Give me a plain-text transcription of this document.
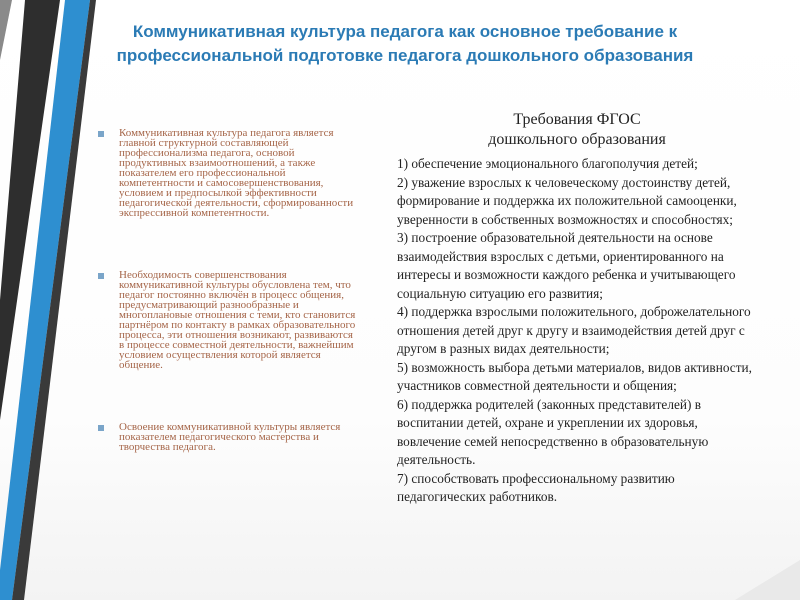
Коммуникативная культура педагога как основное требование к профессиональной подготовке педагога дошкольного образования
Коммуникативная культура педагога является главной структурной составляющей профессионализма педагога, основой продуктивных взаимоотношений, а также показателем его профессиональной компетентности и самосовершенствования, условием и предпосылкой эффективности педагогической деятельности, сформированности экспрессивной компетентности.
Необходимость совершенствования коммуникативной культуры обусловлена тем, что педагог постоянно включён в процесс общения, предусматривающий разнообразные и многоплановые отношения с теми, кто становится партнёром по контакту в рамках образовательного процесса, эти отношения возникают, развиваются в процессе совместной деятельности, важнейшим условием осуществления которой является общение.
Освоение коммуникативной культуры является показателем педагогического мастерства и творчества педагога.
Требования ФГОС
дошкольного образования

1) обеспечение эмоционального благополучия детей;

2) уважение взрослых к человеческому достоинству детей, формирование и поддержка их положительной самооценки, уверенности в собственных возможностях и способностях;

3) построение образовательной деятельности на основе взаимодействия взрослых с детьми, ориентированного на интересы и возможности каждого ребенка и учитывающего социальную ситуацию его развития;

4) поддержка взрослыми положительного, доброжелательного отношения детей друг к другу и взаимодействия детей друг с другом в разных видах деятельности;

5) возможность выбора детьми материалов, видов активности, участников совместной деятельности и общения;

6) поддержка родителей (законных представителей) в воспитании детей, охране и укреплении их здоровья, вовлечение семей непосредственно в образовательную деятельность.

7) способствовать профессиональному развитию педагогических работников.
